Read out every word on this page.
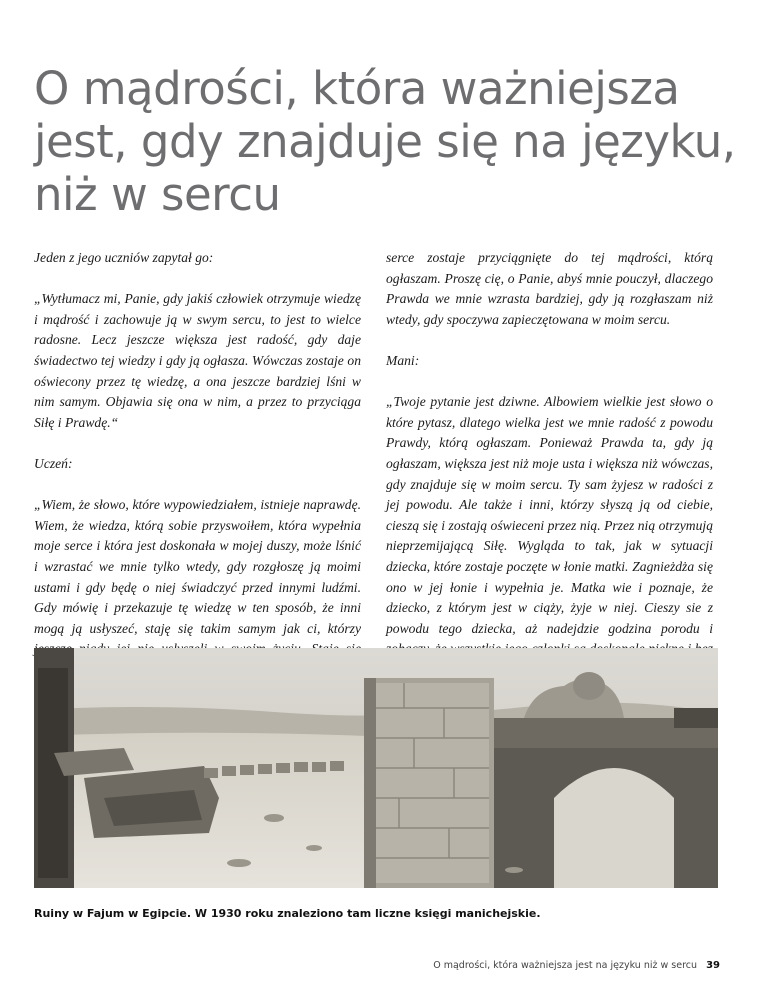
O mądrości, która ważniejsza
jest, gdy znajduje się na języku,
niż w sercu

Jeden z jego uczniów zapytał go:

„Wytłumacz mi, Panie, gdy jakiś człowiek otrzymuje wiedzę i mądrość i zachowuje ją w swym sercu, to jest to wielce radosne. Lecz jeszcze większa jest radość, gdy daje świadectwo tej wiedzy i gdy ją ogłasza. Wówczas zostaje on oświecony przez tę wiedzę, a ona jeszcze bardziej lśni w nim samym. Objawia się ona w nim, a przez to przyciąga Siłę i Prawdę.“

Uczeń:

„Wiem, że słowo, które wypowiedziałem, istnieje naprawdę. Wiem, że wiedza, którą sobie przyswoiłem, która wypełnia moje serce i która jest doskonała w mojej duszy, może lśnić i wzrastać we mnie tylko wtedy, gdy rozgłoszę ją moimi ustami i gdy będę o niej świadczyć przed innymi ludźmi. Gdy mówię i przekazuje tę wiedzę w ten sposób, że inni mogą ją usłyszeć, staję się takim samym jak ci, którzy

serce zostaje przyciągnięte do tej mądrości, którą ogłaszam. Proszę cię, o Panie, abyś mnie pouczył, dlaczego Prawda we mnie wzrasta bardziej, gdy ją rozgłaszam niż wtedy, gdy spoczywa zapieczętowana w moim sercu.

Mani:

„Twoje pytanie jest dziwne. Albowiem wielkie jest słowo o które pytasz, dlatego wielka jest we mnie radość z powodu Prawdy, którą ogłaszam. Ponieważ Prawda ta, gdy ją ogłaszam, większa jest niż moje usta i większa niż wówczas, gdy znajduje się w moim sercu. Ty sam żyjesz w radości z jej powodu. Ale także i inni, którzy słyszą ją od ciebie, cieszą się i zostają oświeceni przez nią. Przez nią otrzymują nieprzemijającą Siłę. Wygląda to tak, jak w sytuacji dziecka, które zostaje poczęte w łonie matki. Zagnieżdża się ono w jej łonie i wypełnia je. Matka wie i poznaje, że dziecko, z którym jest w ciąży, żyje w niej. Cieszy sie z powodu tego dziecka, aż nadejdzie godzina porodu i

Ruiny w Fajum w Egipcie. W 1930 roku znaleziono tam liczne księgi manichejskie.

O mądrości, która ważniejsza jest na języku niż w sercu 39
